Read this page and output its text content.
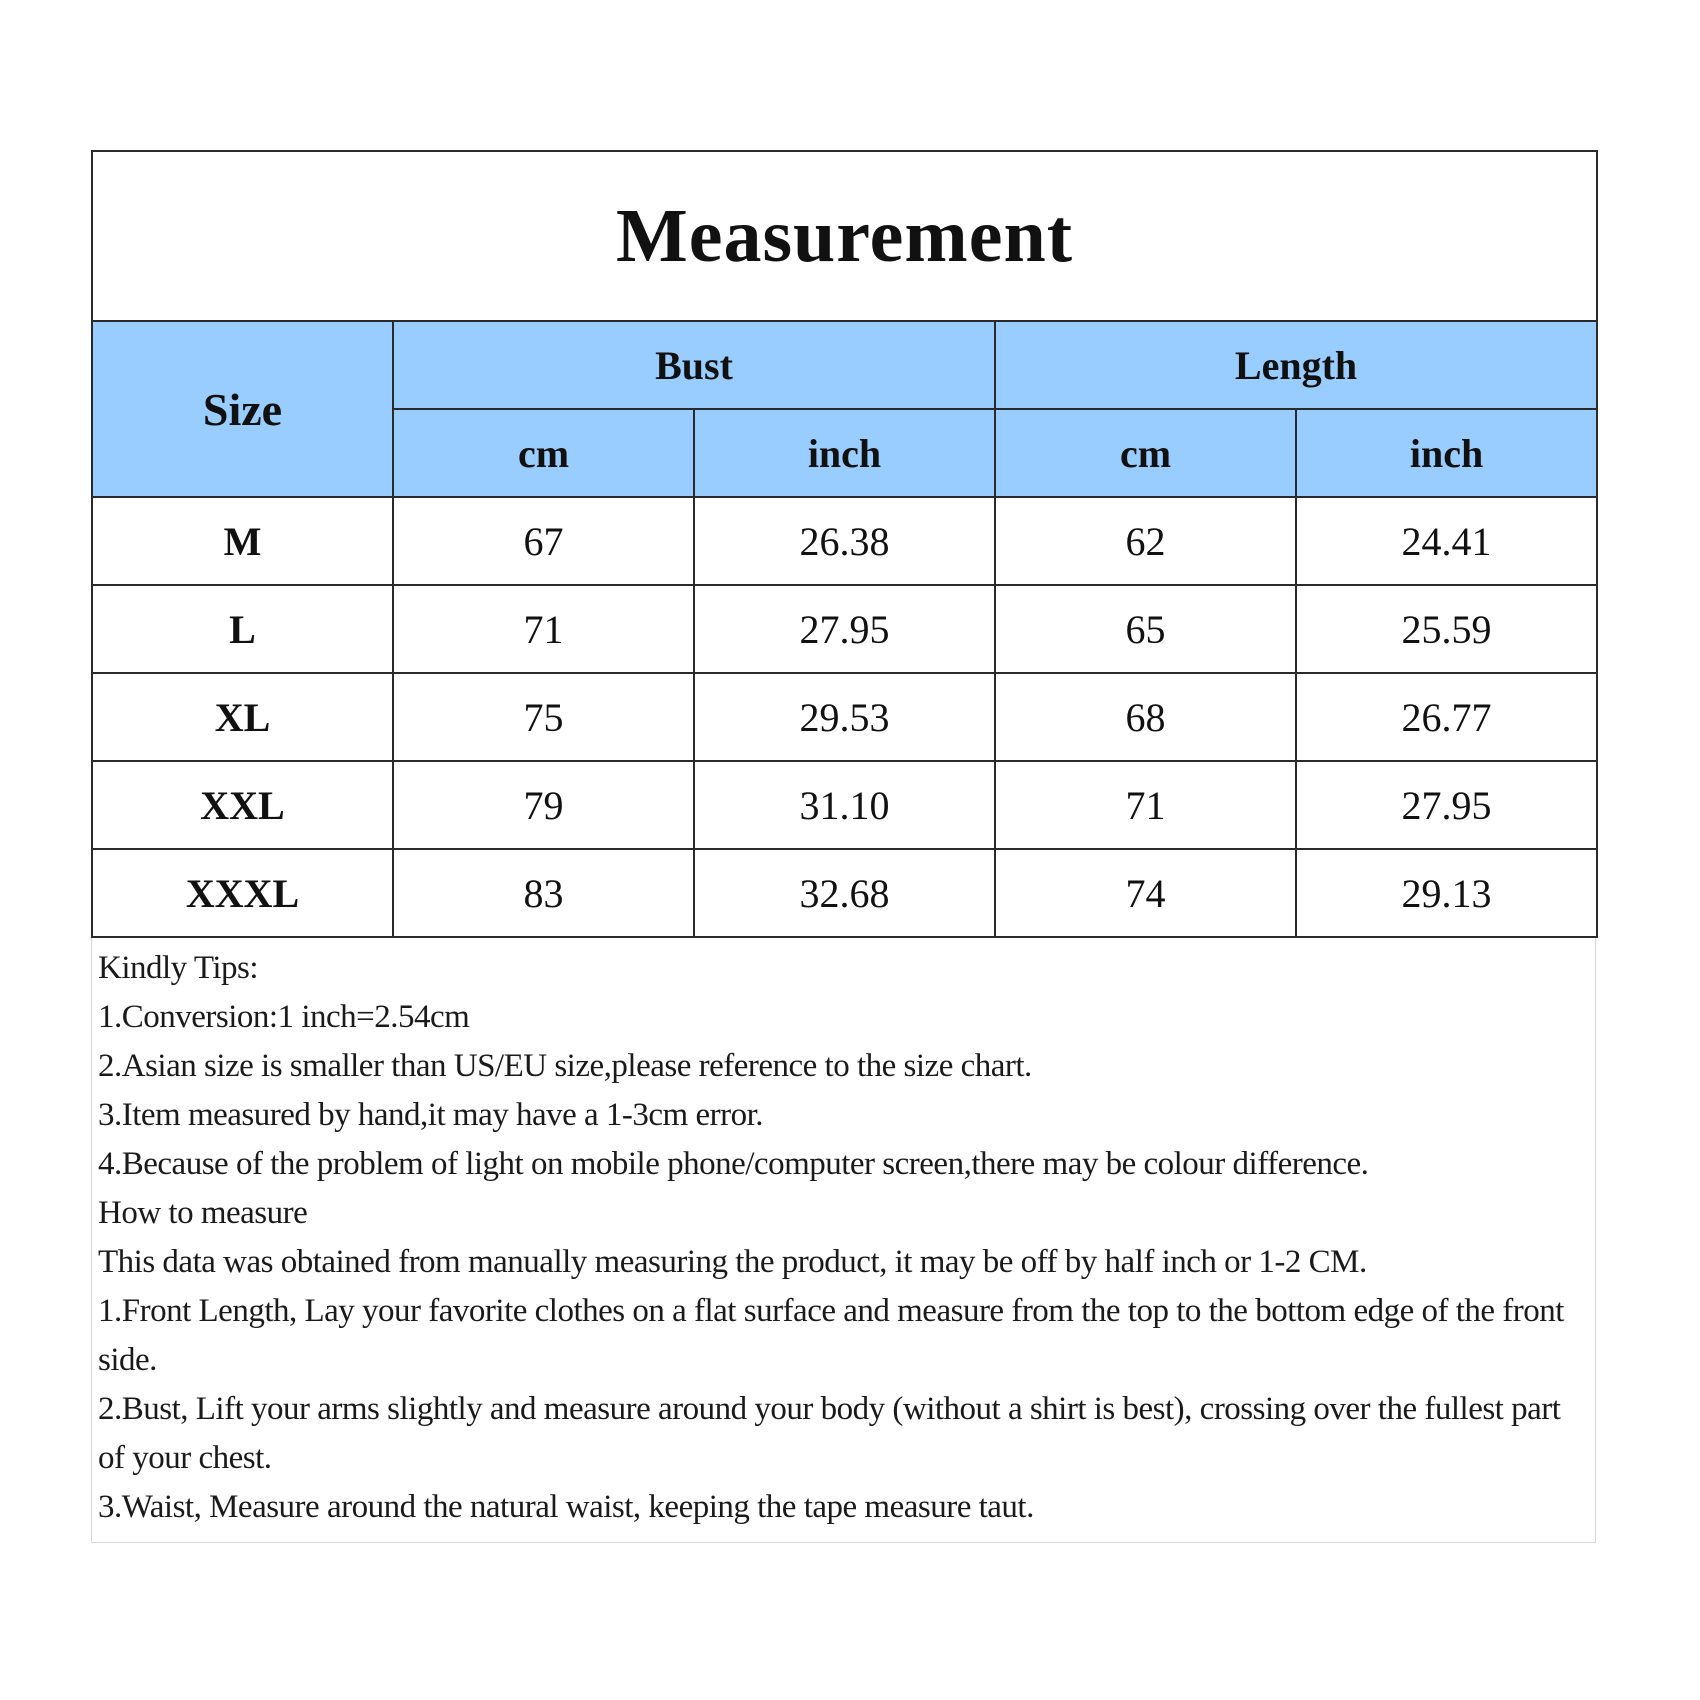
Measurement				
Size	Bust		Length	
	cm	inch	cm	inch
M	67	26.38	62	24.41
L	71	27.95	65	25.59
XL	75	29.53	68	26.77
XXL	79	31.10	71	27.95
XXXL	83	32.68	74	29.13
Kindly Tips:
1.Conversion:1 inch=2.54cm
2.Asian size is smaller than US/EU size,please reference to the size chart.
3.Item measured by hand,it may have a 1-3cm error.
4.Because of the problem of light on mobile phone/computer screen,there may be colour difference.
How to measure
This data was obtained from manually measuring the product, it may be off by half inch or 1-2 CM.
1.Front Length, Lay your favorite clothes on a flat surface and measure from the top to the bottom edge of the front side.
2.Bust, Lift your arms slightly and measure around your body (without a shirt is best), crossing over the fullest part of your chest.
3.Waist, Measure around the natural waist, keeping the tape measure taut.
